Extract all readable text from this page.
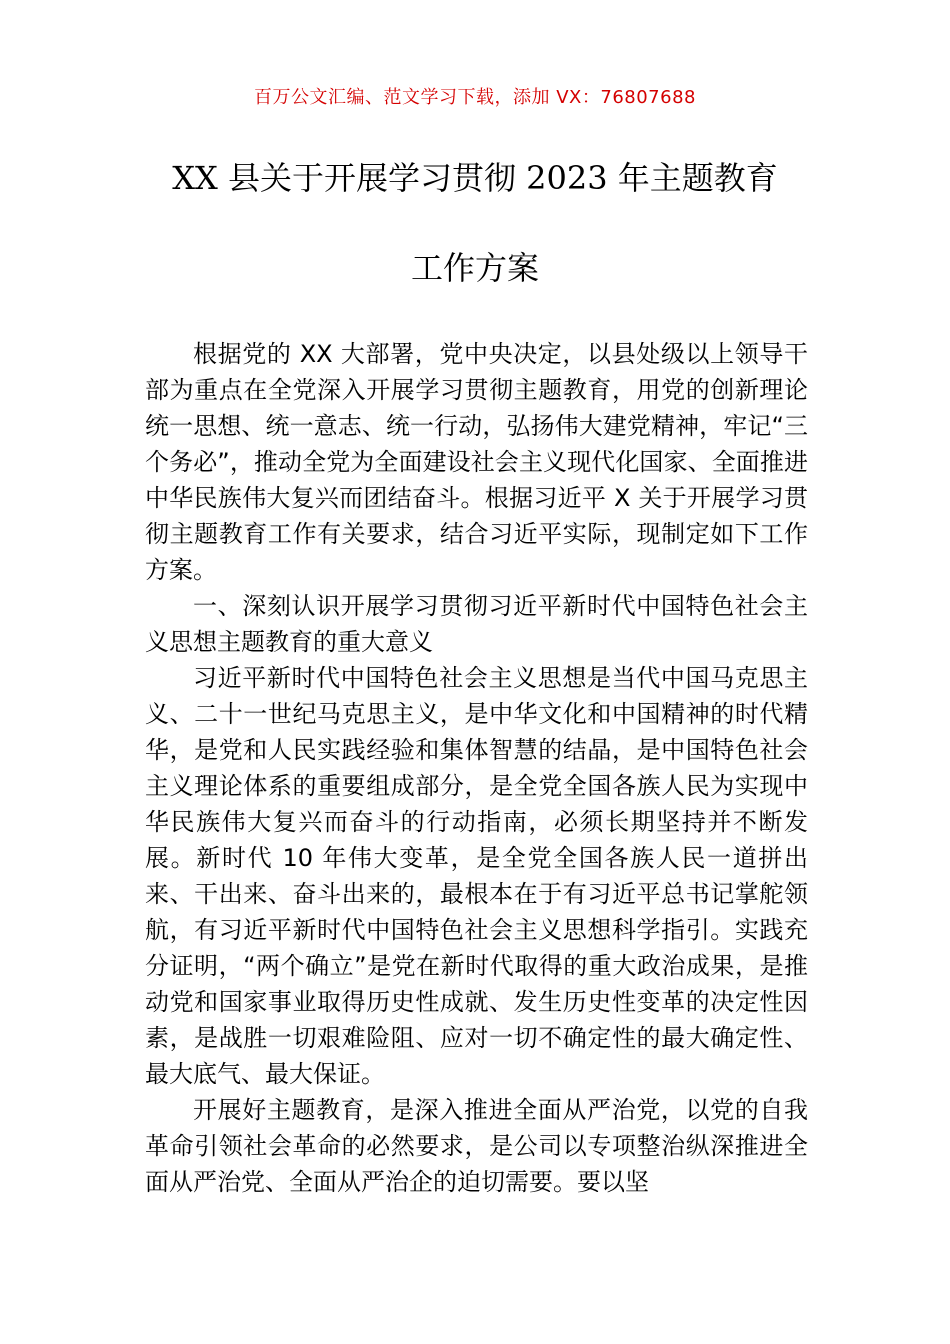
百万公文汇编、范文学习下载，添加 VX：76807688
XX 县关于开展学习贯彻 2023 年主题教育
工作方案

根据党的 XX 大部署，党中央决定，以县处级以上领导干部为重点在全党深入开展学习贯彻主题教育，用党的创新理论统一思想、统一意志、统一行动，弘扬伟大建党精神，牢记“三个务必”，推动全党为全面建设社会主义现代化国家、全面推进中华民族伟大复兴而团结奋斗。根据习近平 X 关于开展学习贯彻主题教育工作有关要求，结合习近平实际，现制定如下工作方案。

一、深刻认识开展学习贯彻习近平新时代中国特色社会主义思想主题教育的重大意义

习近平新时代中国特色社会主义思想是当代中国马克思主义、二十一世纪马克思主义，是中华文化和中国精神的时代精华，是党和人民实践经验和集体智慧的结晶，是中国特色社会主义理论体系的重要组成部分，是全党全国各族人民为实现中华民族伟大复兴而奋斗的行动指南，必须长期坚持并不断发展。新时代 10 年伟大变革，是全党全国各族人民一道拼出来、干出来、奋斗出来的，最根本在于有习近平总书记掌舵领航，有习近平新时代中国特色社会主义思想科学指引。实践充分证明，“两个确立”是党在新时代取得的重大政治成果，是推动党和国家事业取得历史性成就、发生历史性变革的决定性因素，是战胜一切艰难险阻、应对一切不确定性的最大确定性、最大底气、最大保证。

开展好主题教育，是深入推进全面从严治党，以党的自我革命引领社会革命的必然要求，是公司以专项整治纵深推进全面从严治党、全面从严治企的迫切需要。要以坚
